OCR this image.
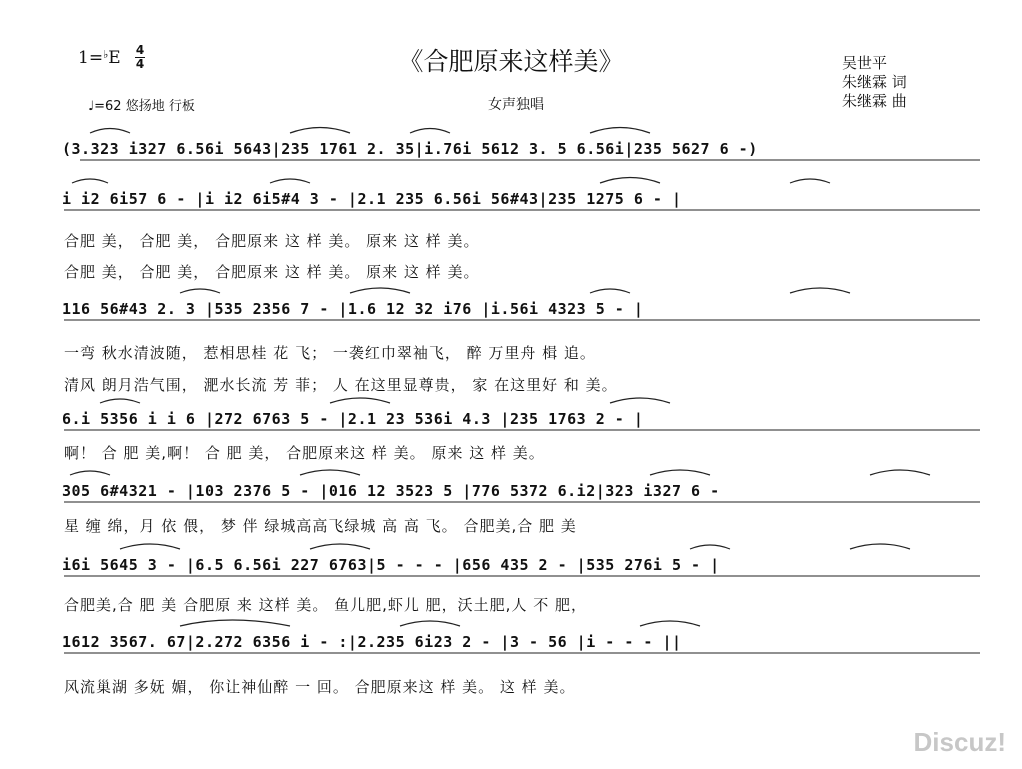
1=♭E 4
4	《合肥原来这样美》	吴世平
朱继霖 词
朱继霖 曲
♩=62 悠扬地 行板	女声独唱
(3.323 i327 6.56i 5643|235 1761 2. 35|i.76i 5612 3. 5 6.56i|235 5627 6 -)
i i2 6i57 6 - |i i2 6i5#4 3 - |2.1 235 6.56i 56#43|235 1275 6 - |
合肥 美， 合肥 美， 合肥原来 这 样 美。 原来 这 样 美。
合肥 美， 合肥 美， 合肥原来 这 样 美。 原来 这 样 美。
116 56#43 2. 3 |535 2356 7 - |1.6 12 32 i76 |i.56i 4323 5 - |
一弯 秋水清波随， 惹相思桂 花 飞； 一袭红巾翠袖飞， 醉 万里舟 楫 追。
清风 朗月浩气围， 淝水长流 芳 菲； 人 在这里显尊贵， 家 在这里好 和 美。
6.i 5356 i i 6 |272 6763 5 - |2.1 23 536i 4.3 |235 1763 2 - |
啊！ 合 肥 美,啊！ 合 肥 美， 合肥原来这 样 美。 原来 这 样 美。
305 6#4321 - |103 2376 5 - |016 12 3523 5 |776 5372 6.i2|323 i327 6 -
星 缠 绵，月 依 偎， 梦 伴 绿城高高飞绿城 高 高 飞。 合肥美,合 肥 美
i6i 5645 3 - |6.5 6.56i 227 6763|5 - - - |656 435 2 - |535 276i 5 - |
合肥美,合 肥 美 合肥原 来 这样 美。 鱼儿肥,虾儿 肥，沃土肥,人 不 肥，
1612 3567. 67|2.272 6356 i - :|2.235 6i23 2 - |3 - 56 |i - - - ||
风流巢湖 多妩 媚， 你让神仙醉 一 回。 合肥原来这 样 美。 这 样 美。
Discuz!
